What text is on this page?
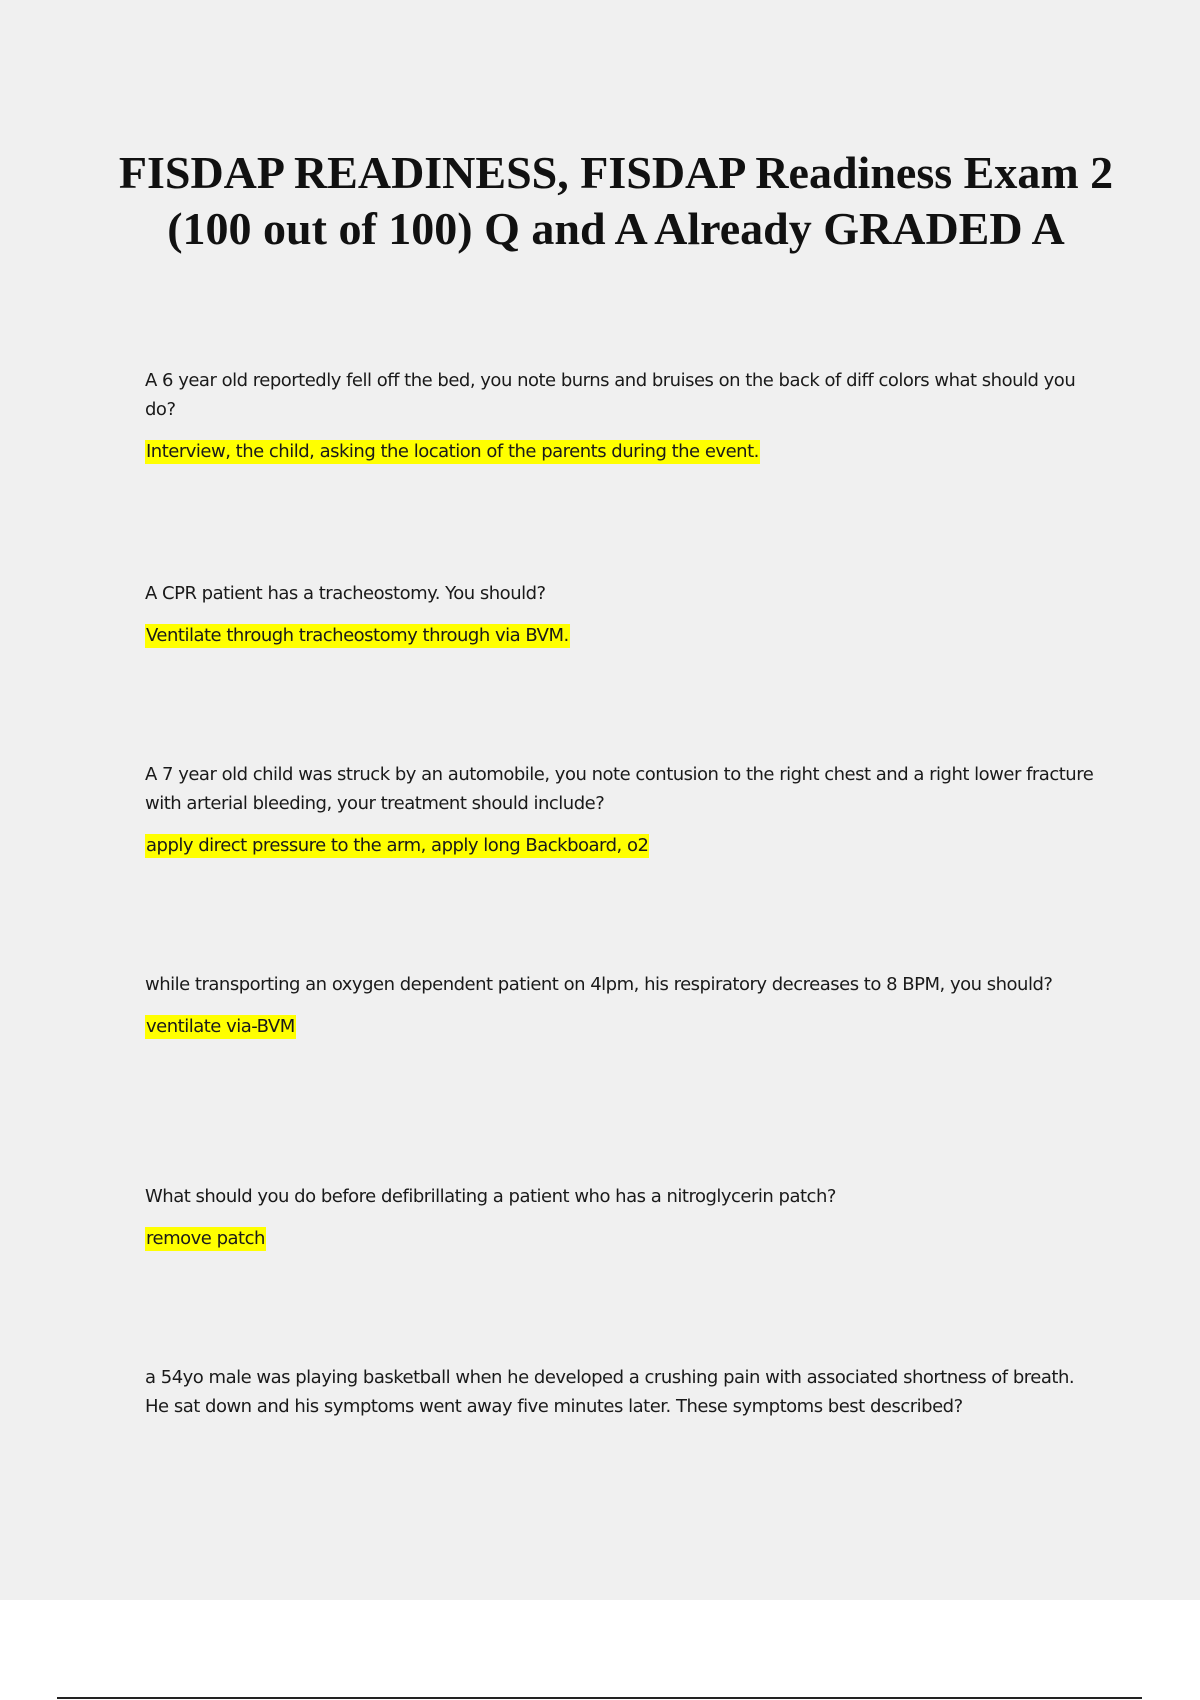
FISDAP READINESS, FISDAP Readiness Exam 2 (100 out of 100) Q and A Already GRADED A

A 6 year old reportedly fell off the bed, you note burns and bruises on the back of diff colors what should you do?

Interview, the child, asking the location of the parents during the event.

A CPR patient has a tracheostomy. You should?

Ventilate through tracheostomy through via BVM.

A 7 year old child was struck by an automobile, you note contusion to the right chest and a right lower fracture with arterial bleeding, your treatment should include?

apply direct pressure to the arm, apply long Backboard, o2

while transporting an oxygen dependent patient on 4lpm, his respiratory decreases to 8 BPM, you should?

ventilate via-BVM

What should you do before defibrillating a patient who has a nitroglycerin patch?

remove patch

a 54yo male was playing basketball when he developed a crushing pain with associated shortness of breath. He sat down and his symptoms went away five minutes later. These symptoms best described?
